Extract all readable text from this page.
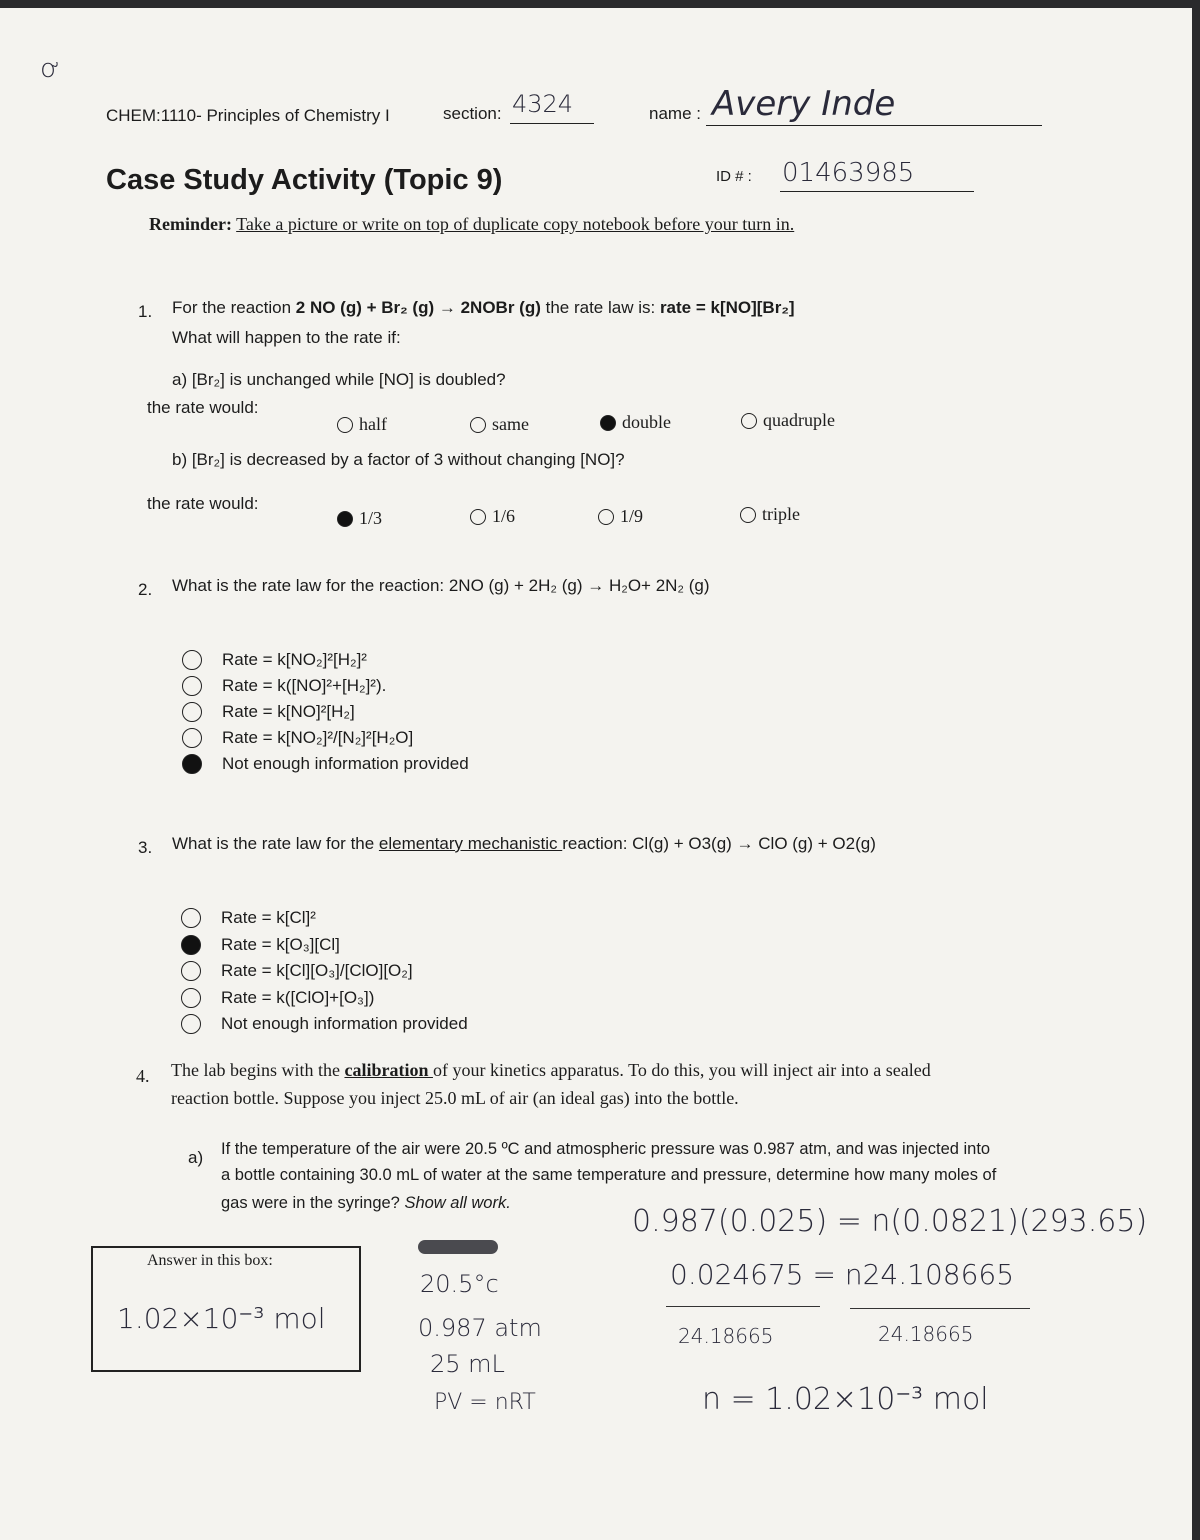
ơ
CHEM:1110- Principles of Chemistry I	section: 4324	name : Avery Inde
Case Study Activity (Topic 9)	ID # : 01463985
Reminder: Take a picture or write on top of duplicate copy notebook before your turn in.
1. For the reaction 2 NO (g) + Br₂ (g) → 2NOBr (g) the rate law is: rate = k[NO][Br₂]
What will happen to the rate if:
a) [Br₂] is unchanged while [NO] is doubled?
the rate would:
half	same	double	quadruple
b) [Br₂] is decreased by a factor of 3 without changing [NO]?
the rate would:
1/3	1/6	1/9	triple
2. What is the rate law for the reaction: 2NO (g) + 2H₂ (g) → H₂O+ 2N₂ (g)
Rate = k[NO₂]²[H₂]²
Rate = k([NO]²+[H₂]²).
Rate = k[NO]²[H₂]
Rate = k[NO₂]²/[N₂]²[H₂O]
Not enough information provided
3. What is the rate law for the elementary mechanistic reaction: Cl(g) + O3(g) → ClO (g) + O2(g)
Rate = k[Cl]²
Rate = k[O₃][Cl]
Rate = k[Cl][O₃]/[ClO][O₂]
Rate = k([ClO]+[O₃])
Not enough information provided
4. The lab begins with the calibration of your kinetics apparatus. To do this, you will inject air into a sealed
reaction bottle. Suppose you inject 25.0 mL of air (an ideal gas) into the bottle.
a) If the temperature of the air were 20.5 ºC and atmospheric pressure was 0.987 atm, and was injected into
a bottle containing 30.0 mL of water at the same temperature and pressure, determine how many moles of
gas were in the syringe? Show all work.
Answer in this box:
1.02×10⁻³ mol
20.5°c
0.987 atm
25 mL
PV = nRT
0.987(0.025) = n(0.0821)(293.65)
0.024675 = n24.108665
24.18665	24.18665
n = 1.02×10⁻³ mol
